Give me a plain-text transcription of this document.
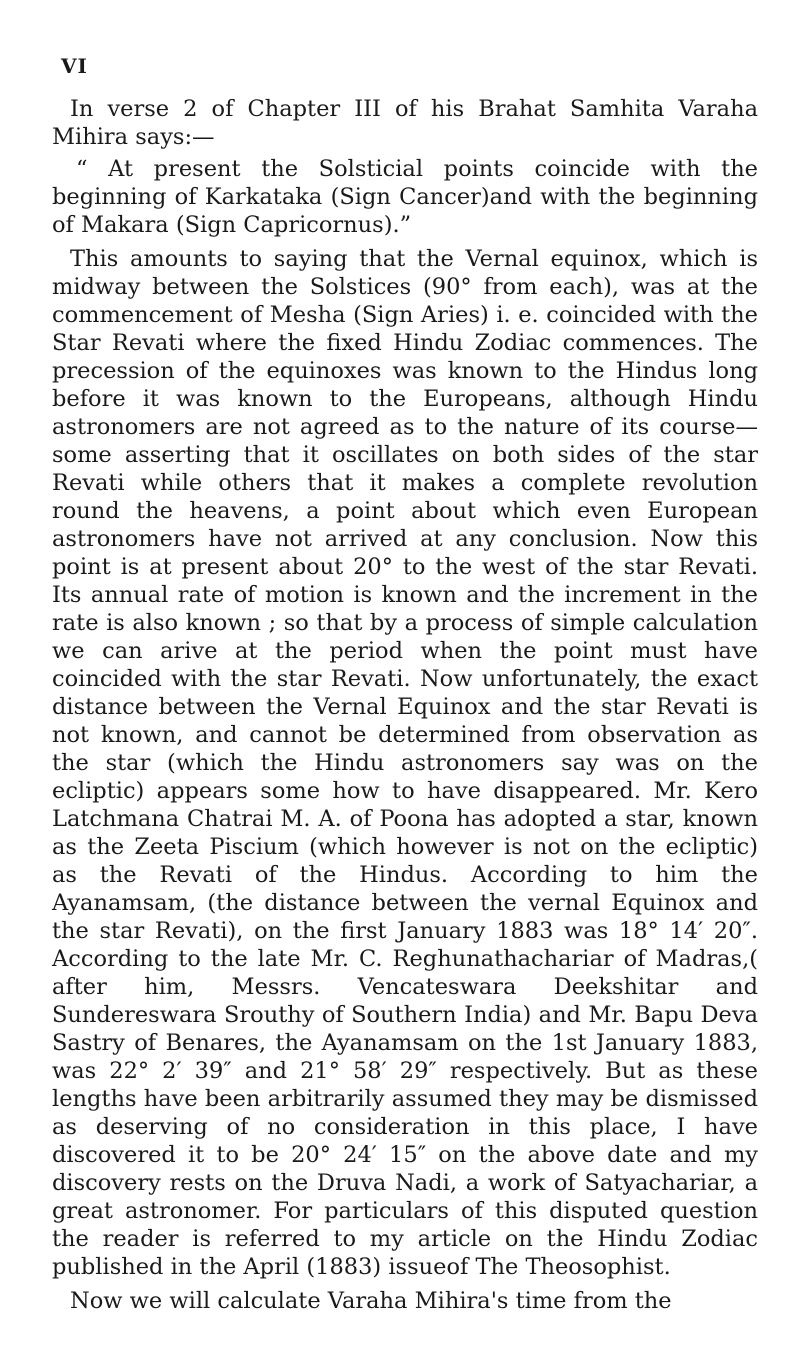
VI

In verse 2 of Chapter III of his Brahat Samhita Varaha Mihira says:—

“ At present the Solsticial points coincide with the beginning of Karkataka (Sign Cancer)and with the beginning of Makara (Sign Capricornus).”

This amounts to saying that the Vernal equinox, which is midway between the Solstices (90° from each), was at the commencement of Mesha (Sign Aries) i. e. coincided with the Star Revati where the fixed Hindu Zodiac commences. The precession of the equinoxes was known to the Hindus long before it was known to the Europeans, although Hindu astronomers are not agreed as to the nature of its course— some asserting that it oscillates on both sides of the star Revati while others that it makes a complete revolution round the heavens, a point about which even European astronomers have not arrived at any conclusion. Now this point is at present about 20° to the west of the star Revati. Its annual rate of motion is known and the increment in the rate is also known ; so that by a process of simple calculation we can arive at the period when the point must have coincided with the star Revati. Now unfortunately, the exact distance between the Vernal Equinox and the star Revati is not known, and cannot be determined from observation as the star (which the Hindu astronomers say was on the ecliptic) appears some how to have disappeared. Mr. Kero Latchmana Chatrai M. A. of Poona has adopted a star, known as the Zeeta Piscium (which however is not on the ecliptic) as the Revati of the Hindus. According to him the Ayanamsam, (the distance between the vernal Equinox and the star Revati), on the first January 1883 was 18° 14′ 20″. According to the late Mr. C. Reghunathachariar of Madras,( after him, Messrs. Vencateswara Deekshitar and Sundereswara Srouthy of Southern India) and Mr. Bapu Deva Sastry of Benares, the Ayanamsam on the 1st January 1883, was 22° 2′ 39″ and 21° 58′ 29″ respectively. But as these lengths have been arbitrarily assumed they may be dismissed as deserving of no consideration in this place, I have discovered it to be 20° 24′ 15″ on the above date and my discovery rests on the Druva Nadi, a work of Satyachariar, a great astronomer. For particulars of this disputed question the reader is referred to my article on the Hindu Zodiac published in the April (1883) issueof The Theosophist.

Now we will calculate Varaha Mihira's time from the
